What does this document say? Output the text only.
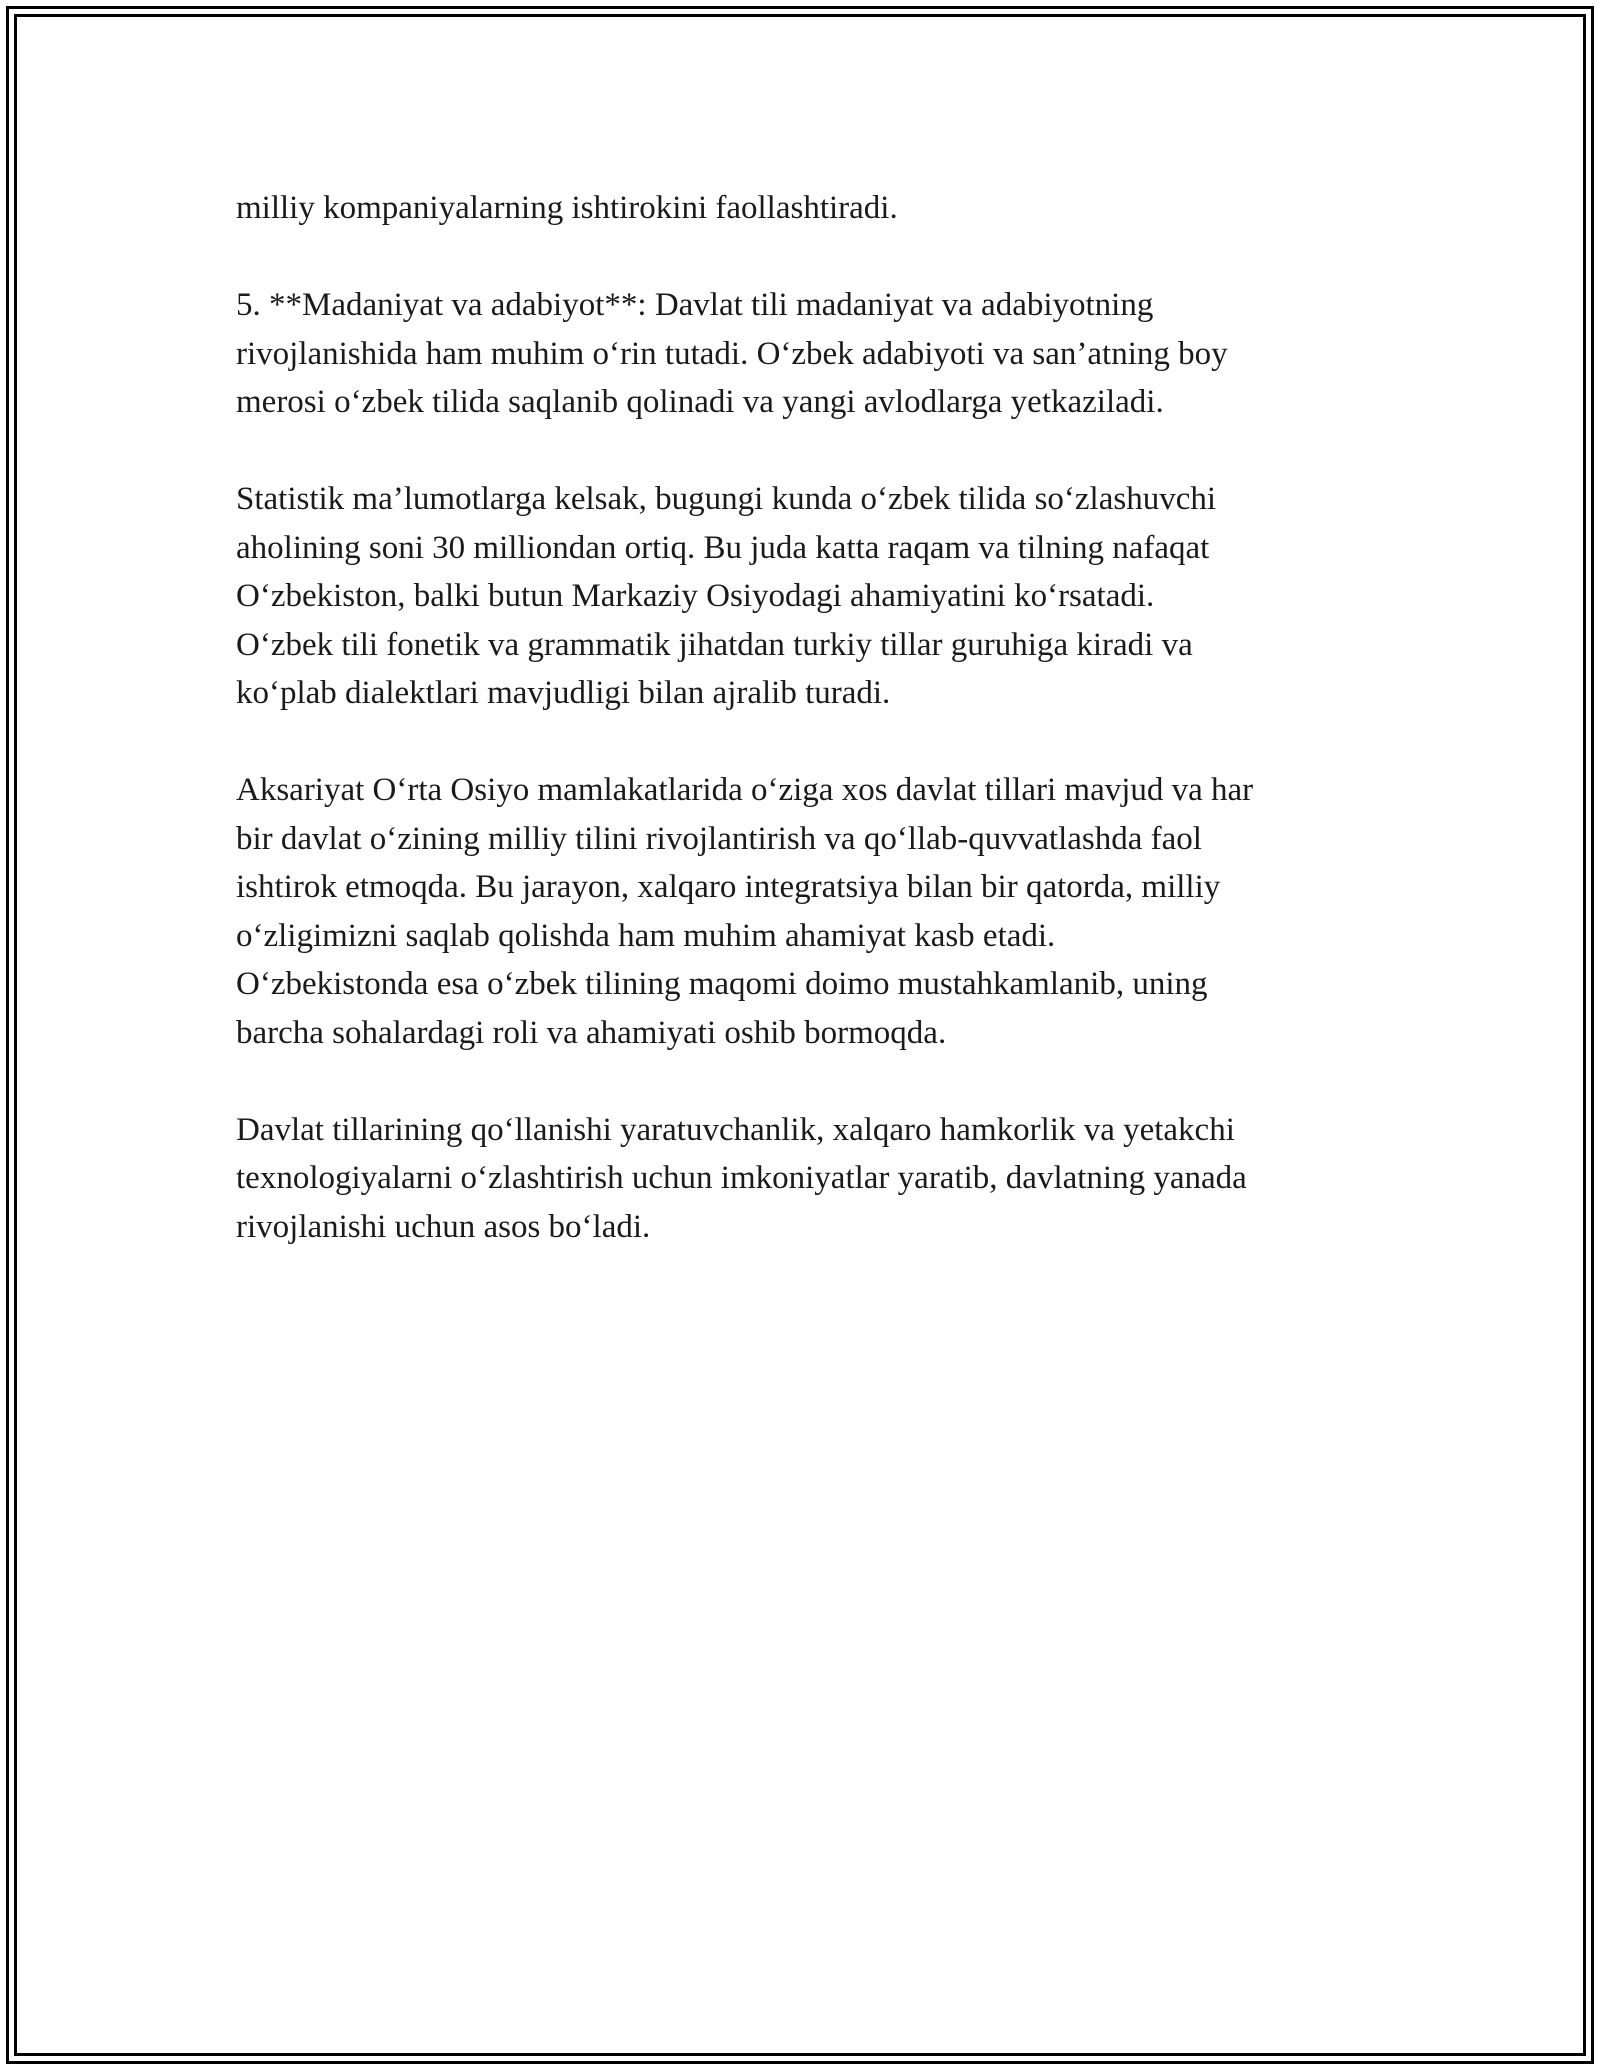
milliy kompaniyalarning ishtirokini faollashtiradi.

5. **Madaniyat va adabiyot**: Davlat tili madaniyat va adabiyotning
rivojlanishida ham muhim o‘rin tutadi. O‘zbek adabiyoti va san’atning boy
merosi o‘zbek tilida saqlanib qolinadi va yangi avlodlarga yetkaziladi.

Statistik ma’lumotlarga kelsak, bugungi kunda o‘zbek tilida so‘zlashuvchi
aholining soni 30 milliondan ortiq. Bu juda katta raqam va tilning nafaqat
O‘zbekiston, balki butun Markaziy Osiyodagi ahamiyatini ko‘rsatadi.
O‘zbek tili fonetik va grammatik jihatdan turkiy tillar guruhiga kiradi va
ko‘plab dialektlari mavjudligi bilan ajralib turadi.

Aksariyat O‘rta Osiyo mamlakatlarida o‘ziga xos davlat tillari mavjud va har
bir davlat o‘zining milliy tilini rivojlantirish va qo‘llab-quvvatlashda faol
ishtirok etmoqda. Bu jarayon, xalqaro integratsiya bilan bir qatorda, milliy
o‘zligimizni saqlab qolishda ham muhim ahamiyat kasb etadi.
O‘zbekistonda esa o‘zbek tilining maqomi doimo mustahkamlanib, uning
barcha sohalardagi roli va ahamiyati oshib bormoqda.

Davlat tillarining qo‘llanishi yaratuvchanlik, xalqaro hamkorlik va yetakchi
texnologiyalarni o‘zlashtirish uchun imkoniyatlar yaratib, davlatning yanada
rivojlanishi uchun asos bo‘ladi.
